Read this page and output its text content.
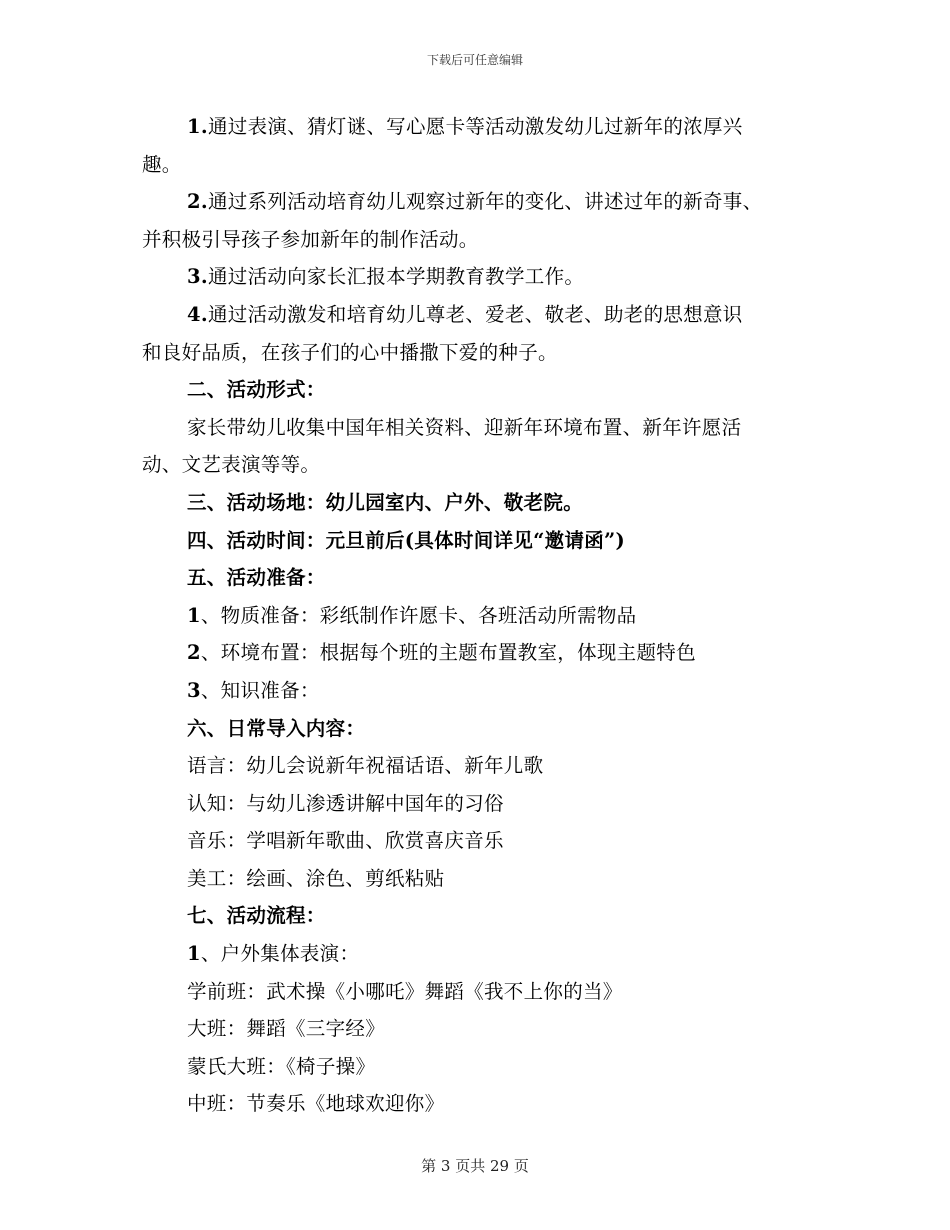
下载后可任意编辑
1.通过表演、猜灯谜、写心愿卡等活动激发幼儿过新年的浓厚兴
趣。
2.通过系列活动培育幼儿观察过新年的变化、讲述过年的新奇事、
并积极引导孩子参加新年的制作活动。
3.通过活动向家长汇报本学期教育教学工作。
4.通过活动激发和培育幼儿尊老、爱老、敬老、助老的思想意识
和良好品质，在孩子们的心中播撒下爱的种子。
二、活动形式：
家长带幼儿收集中国年相关资料、迎新年环境布置、新年许愿活
动、文艺表演等等。
三、活动场地：幼儿园室内、户外、敬老院。
四、活动时间：元旦前后(具体时间详见“邀请函”)
五、活动准备：
1、物质准备：彩纸制作许愿卡、各班活动所需物品
2、环境布置：根据每个班的主题布置教室，体现主题特色
3、知识准备：
六、日常导入内容：
语言：幼儿会说新年祝福话语、新年儿歌
认知：与幼儿渗透讲解中国年的习俗
音乐：学唱新年歌曲、欣赏喜庆音乐
美工：绘画、涂色、剪纸粘贴
七、活动流程：
1、户外集体表演：
学前班：武术操《小哪吒》舞蹈《我不上你的当》
大班：舞蹈《三字经》
蒙氏大班：《椅子操》
中班：节奏乐《地球欢迎你》
第 3 页共 29 页
